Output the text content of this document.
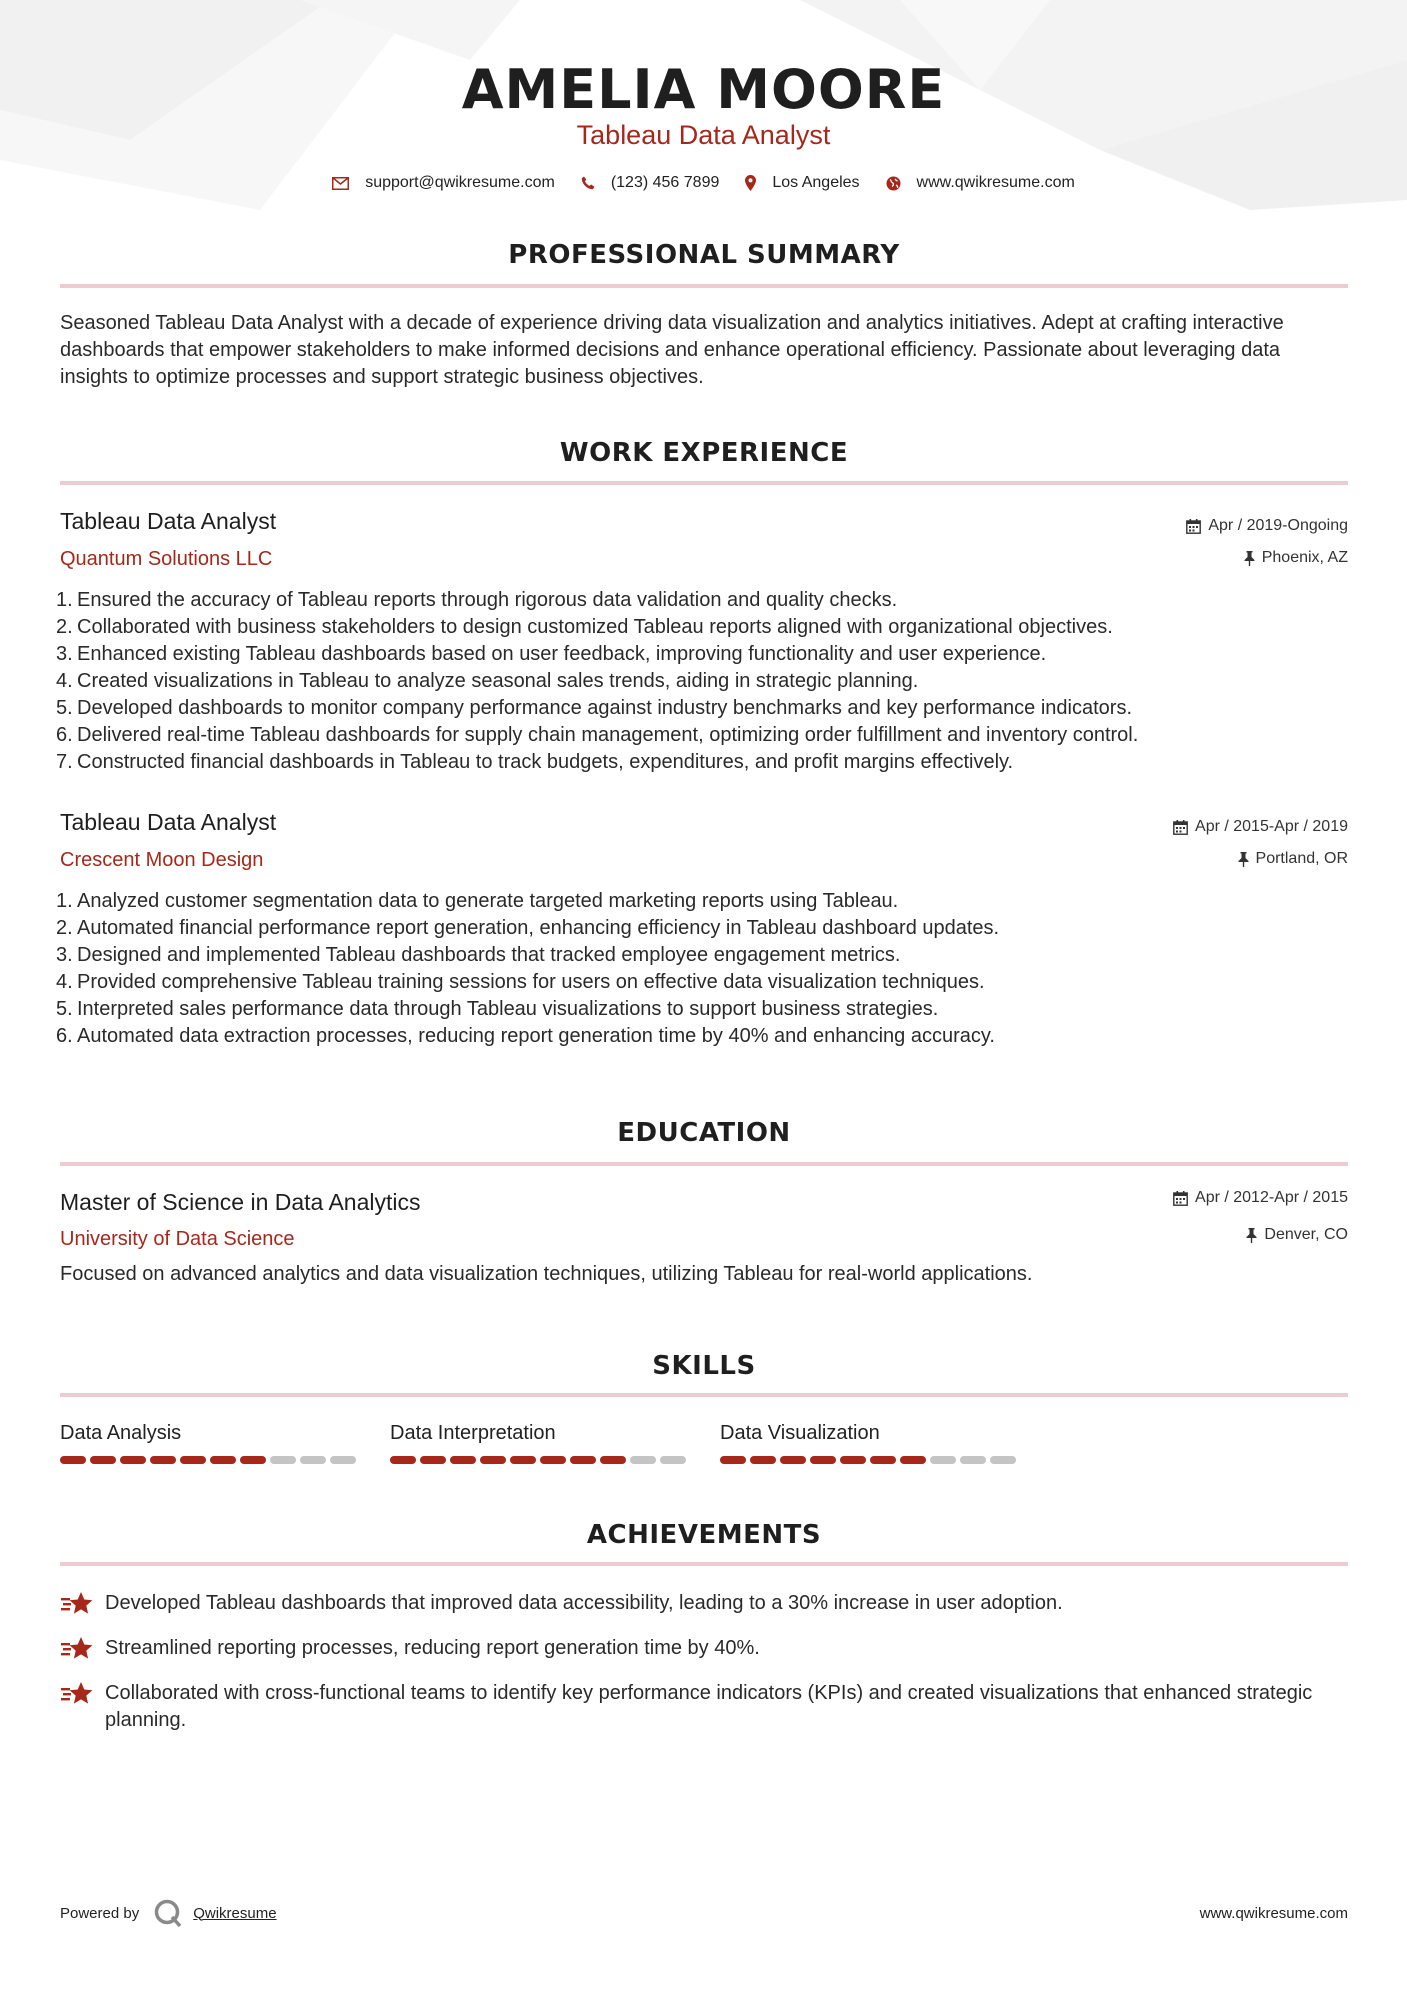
AMELIA MOORE
Tableau Data Analyst
support@qwikresume.com	(123) 456 7899	Los Angeles	www.qwikresume.com
PROFESSIONAL SUMMARY

Seasoned Tableau Data Analyst with a decade of experience driving data visualization and analytics initiatives. Adept at crafting interactive dashboards that empower stakeholders to make informed decisions and enhance operational efficiency. Passionate about leveraging data insights to optimize processes and support strategic business objectives.

WORK EXPERIENCE
Tableau Data Analyst
Quantum Solutions LLC
Apr / 2019-Ongoing
Phoenix, AZ
1. Ensured the accuracy of Tableau reports through rigorous data validation and quality checks.
2. Collaborated with business stakeholders to design customized Tableau reports aligned with organizational objectives.
3. Enhanced existing Tableau dashboards based on user feedback, improving functionality and user experience.
4. Created visualizations in Tableau to analyze seasonal sales trends, aiding in strategic planning.
5. Developed dashboards to monitor company performance against industry benchmarks and key performance indicators.
6. Delivered real-time Tableau dashboards for supply chain management, optimizing order fulfillment and inventory control.
7. Constructed financial dashboards in Tableau to track budgets, expenditures, and profit margins effectively.
Tableau Data Analyst
Crescent Moon Design
Apr / 2015-Apr / 2019
Portland, OR
1. Analyzed customer segmentation data to generate targeted marketing reports using Tableau.
2. Automated financial performance report generation, enhancing efficiency in Tableau dashboard updates.
3. Designed and implemented Tableau dashboards that tracked employee engagement metrics.
4. Provided comprehensive Tableau training sessions for users on effective data visualization techniques.
5. Interpreted sales performance data through Tableau visualizations to support business strategies.
6. Automated data extraction processes, reducing report generation time by 40% and enhancing accuracy.
EDUCATION
Master of Science in Data Analytics
University of Data Science
Apr / 2012-Apr / 2015
Denver, CO
Focused on advanced analytics and data visualization techniques, utilizing Tableau for real-world applications.
SKILLS
Data Analysis	Data Interpretation	Data Visualization
ACHIEVEMENTS
Developed Tableau dashboards that improved data accessibility, leading to a 30% increase in user adoption.
Streamlined reporting processes, reducing report generation time by 40%.
Collaborated with cross-functional teams to identify key performance indicators (KPIs) and created visualizations that enhanced strategic planning.
Powered by	Qwikresume	www.qwikresume.com
